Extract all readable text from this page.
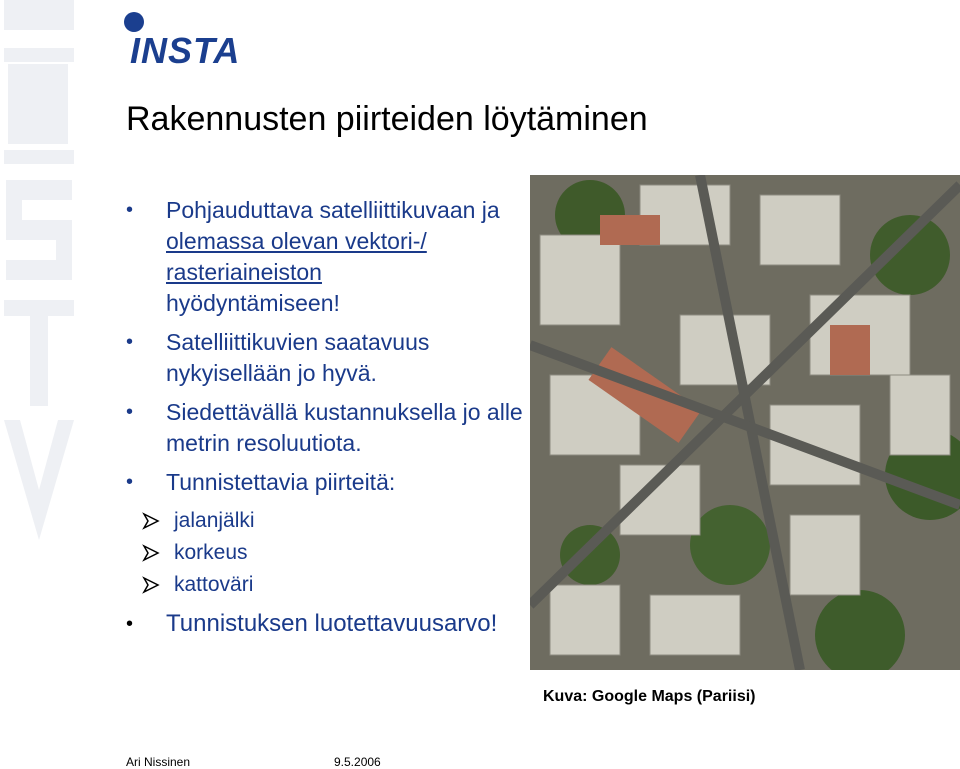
INSTA
Rakennusten piirteiden löytäminen
• Pohjauduttava satelliittikuvaan ja olemassa olevan vektori-/ rasteriaineiston
hyödyntämiseen!
• Satelliittikuvien saatavuus nykyisellään jo hyvä.
• Siedettävällä kustannuksella jo alle metrin resoluutiota.
• Tunnistettavia piirteitä:
jalanjälki
korkeus
kattoväri
• Tunnistuksen luotettavuusarvo!
Kuva: Google Maps (Pariisi)
Ari Nissinen	9.5.2006
